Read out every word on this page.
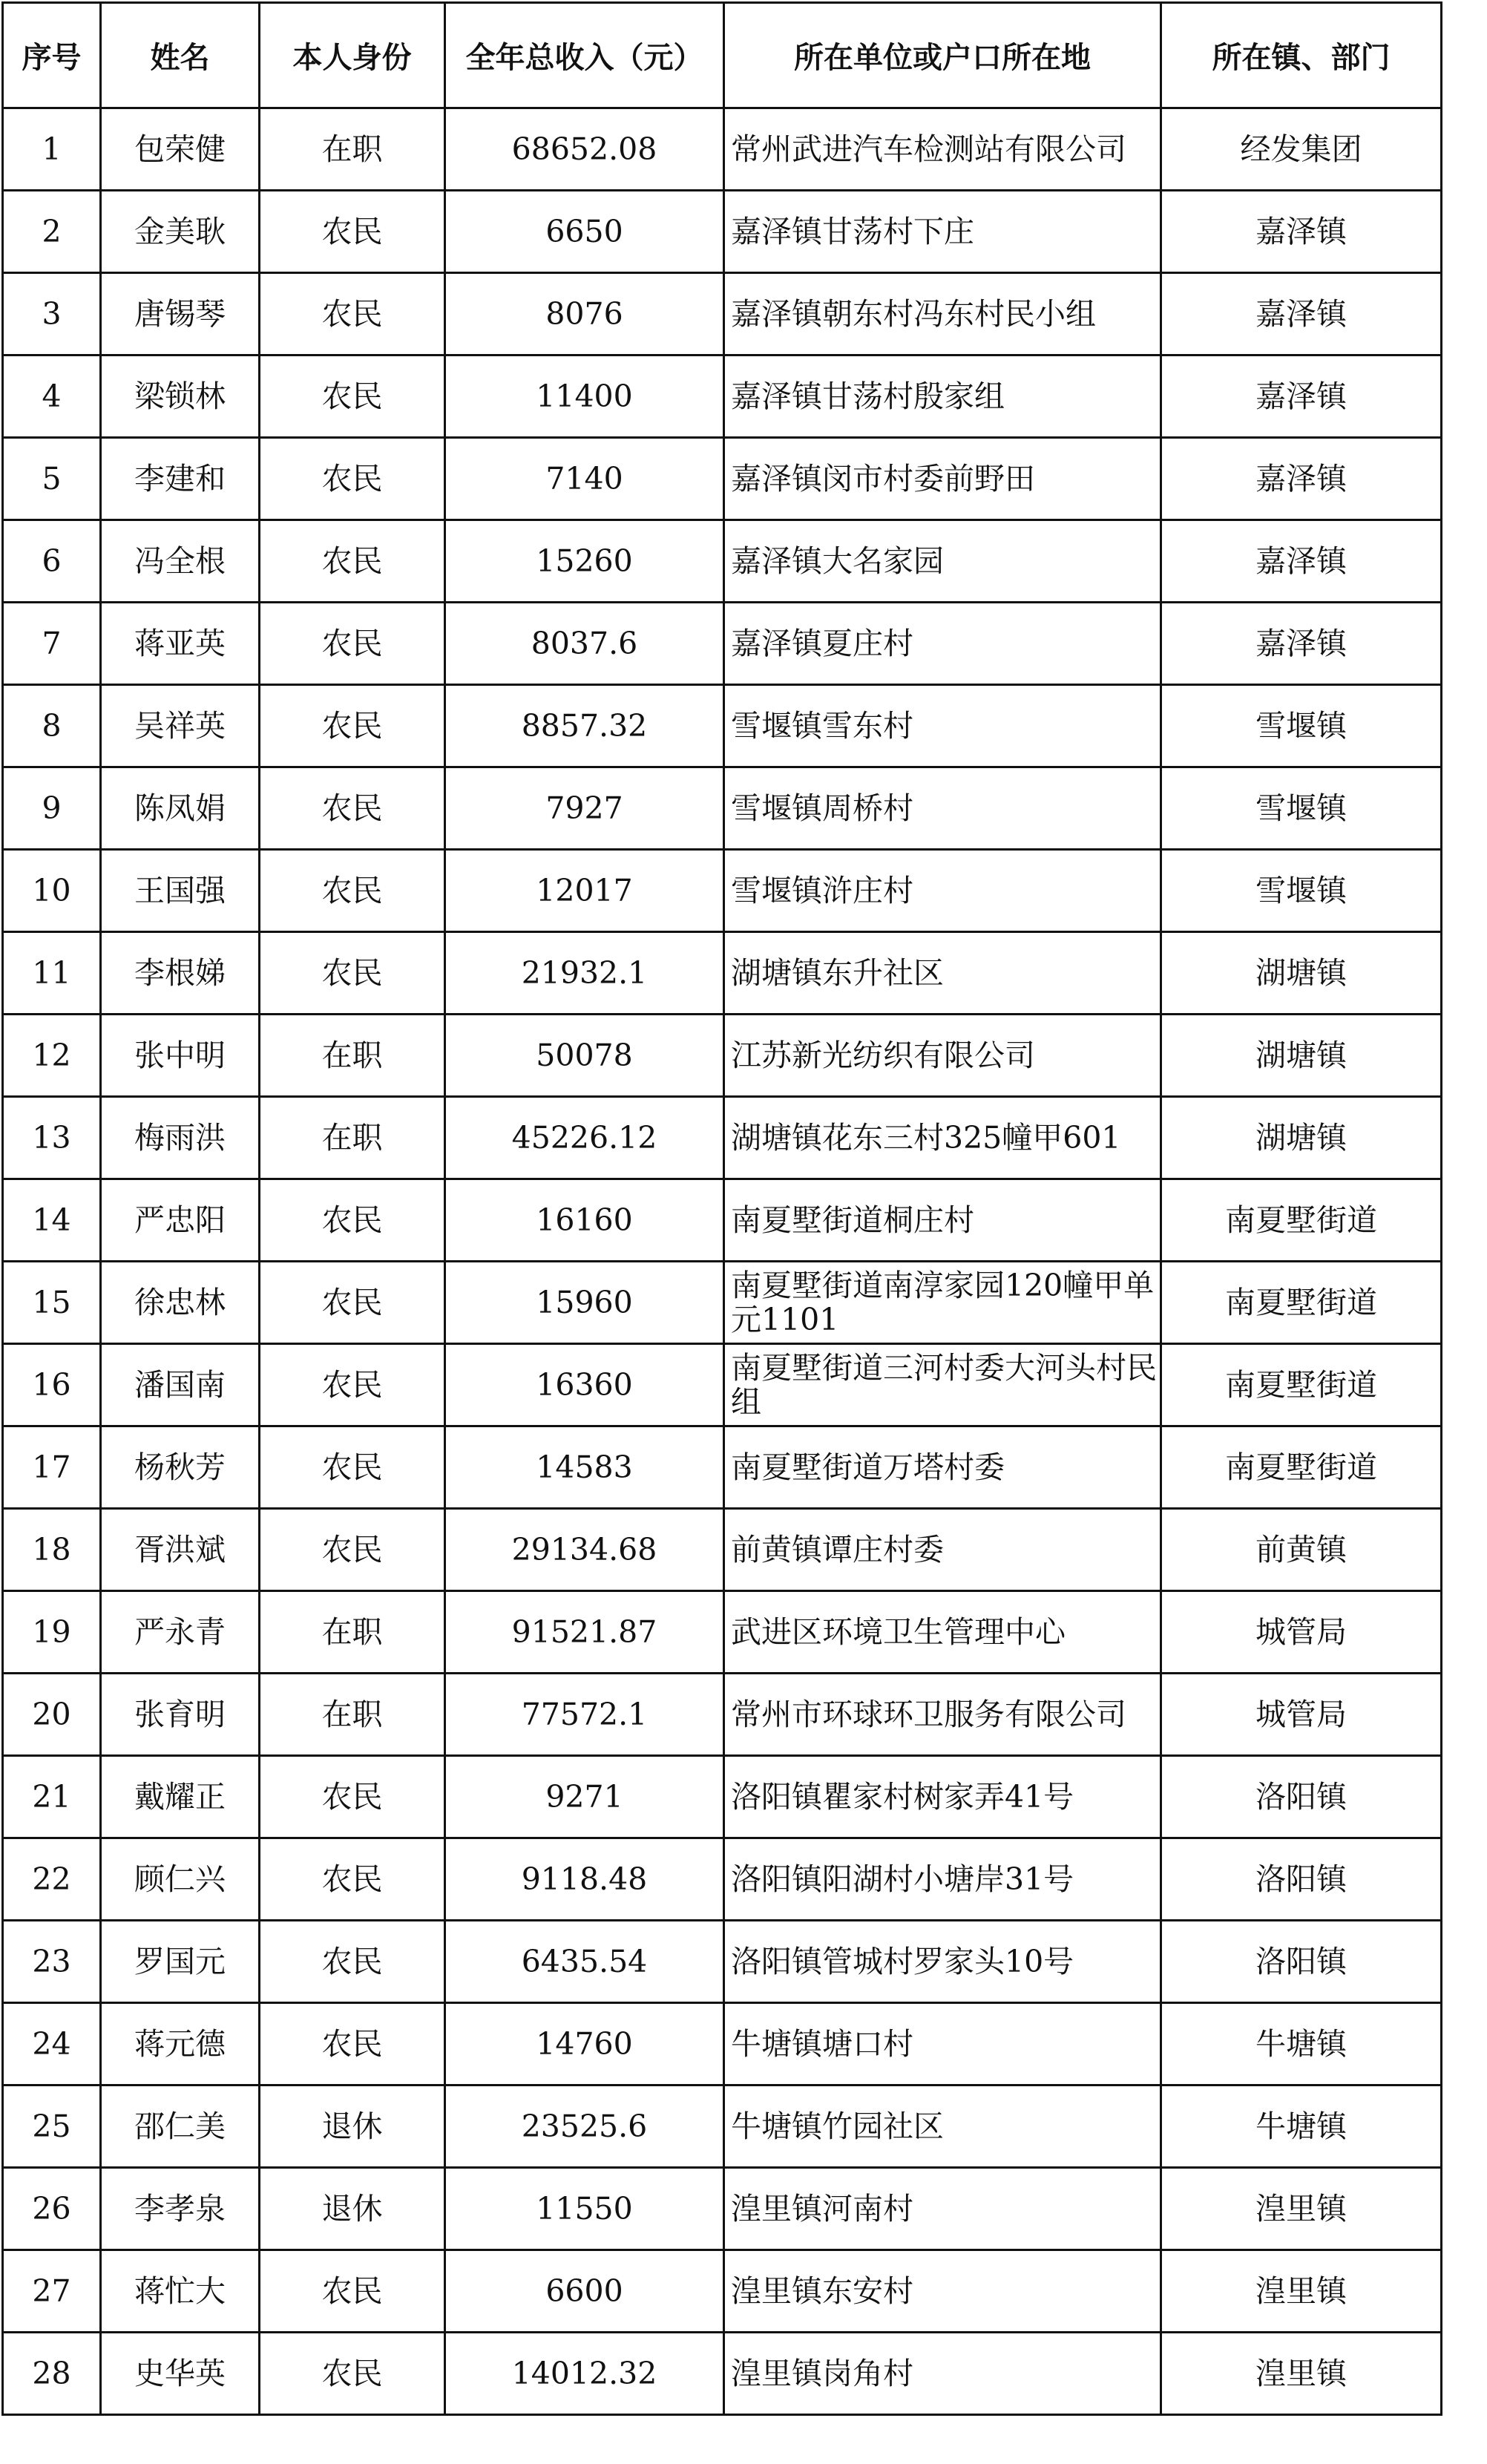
序号	姓名	本人身份	全年总收入（元）	所在单位或户口所在地	所在镇、部门
1	包荣健	在职	68652.08	常州武进汽车检测站有限公司	经发集团
2	金美耿	农民	6650	嘉泽镇甘荡村下庄	嘉泽镇
3	唐锡琴	农民	8076	嘉泽镇朝东村冯东村民小组	嘉泽镇
4	梁锁林	农民	11400	嘉泽镇甘荡村殷家组	嘉泽镇
5	李建和	农民	7140	嘉泽镇闵市村委前野田	嘉泽镇
6	冯全根	农民	15260	嘉泽镇大名家园	嘉泽镇
7	蒋亚英	农民	8037.6	嘉泽镇夏庄村	嘉泽镇
8	吴祥英	农民	8857.32	雪堰镇雪东村	雪堰镇
9	陈凤娟	农民	7927	雪堰镇周桥村	雪堰镇
10	王国强	农民	12017	雪堰镇浒庄村	雪堰镇
11	李根娣	农民	21932.1	湖塘镇东升社区	湖塘镇
12	张中明	在职	50078	江苏新光纺织有限公司	湖塘镇
13	梅雨洪	在职	45226.12	湖塘镇花东三村325幢甲601	湖塘镇
14	严忠阳	农民	16160	南夏墅街道桐庄村	南夏墅街道
15	徐忠林	农民	15960	南夏墅街道南淳家园120幢甲单元1101	南夏墅街道
16	潘国南	农民	16360	南夏墅街道三河村委大河头村民组	南夏墅街道
17	杨秋芳	农民	14583	南夏墅街道万塔村委	南夏墅街道
18	胥洪斌	农民	29134.68	前黄镇谭庄村委	前黄镇
19	严永青	在职	91521.87	武进区环境卫生管理中心	城管局
20	张育明	在职	77572.1	常州市环球环卫服务有限公司	城管局
21	戴耀正	农民	9271	洛阳镇瞿家村树家弄41号	洛阳镇
22	顾仁兴	农民	9118.48	洛阳镇阳湖村小塘岸31号	洛阳镇
23	罗国元	农民	6435.54	洛阳镇管城村罗家头10号	洛阳镇
24	蒋元德	农民	14760	牛塘镇塘口村	牛塘镇
25	邵仁美	退休	23525.6	牛塘镇竹园社区	牛塘镇
26	李孝泉	退休	11550	湟里镇河南村	湟里镇
27	蒋忙大	农民	6600	湟里镇东安村	湟里镇
28	史华英	农民	14012.32	湟里镇岗角村	湟里镇
